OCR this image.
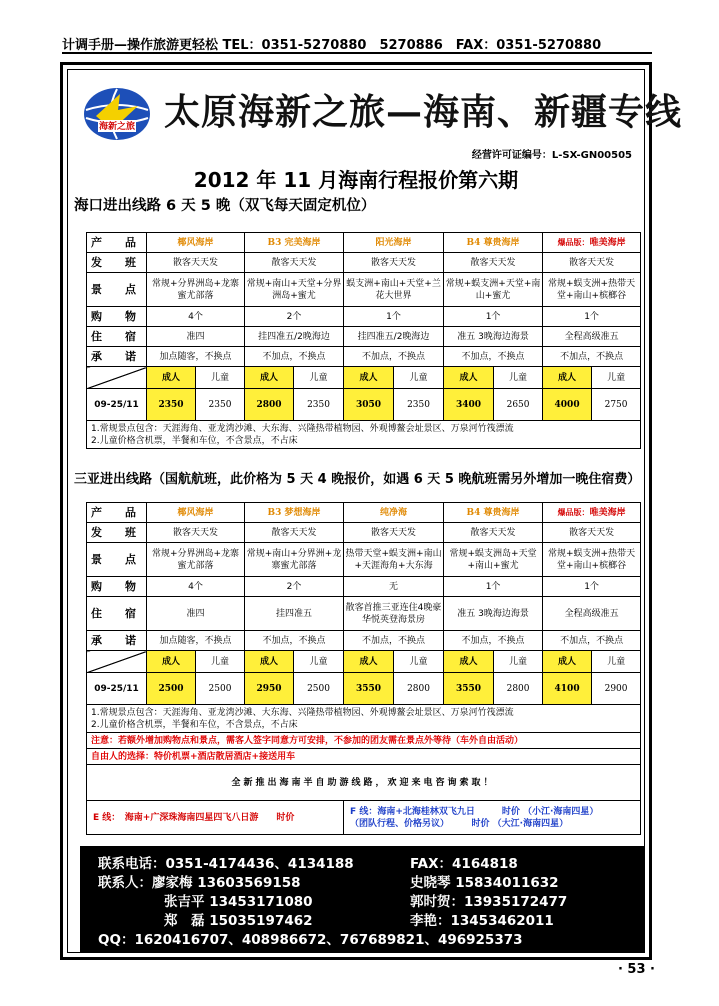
计调手册—操作旅游更轻松 TEL：0351-5270880　5270886　FAX：0351-5270880
海新之旅 太原海新之旅—海南、新疆专线
经营许可证编号：L-SX-GN00505
2012 年 11 月海南行程报价第六期
海口进出线路 6 天 5 晚（双飞每天固定机位）
产　品	椰风海岸		B3 完美海岸		阳光海岸		B4 尊贵海岸		爆品版：唯美海岸	
发　班	散客天天发		散客天天发		散客天天发		散客天天发		散客天天发	
景　点	常规+分界洲岛+龙寨蜜尤部落		常规+南山+天堂+分界洲岛+蜜尤		蜈支洲+南山+天堂+兰花大世界		常规+蜈支洲+天堂+南山+蜜尤		常规+蜈支洲+热带天堂+南山+槟榔谷	
购　物	4个		2个		1个		1个		1个	
住　宿	准四		挂四准五/2晚海边		挂四准五/2晚海边		准五 3晚海边海景		全程高级准五	
承　诺	加点随客，不换点		不加点，不换点		不加点，不换点		不加点，不换点		不加点，不换点	
	成人	儿童	成人	儿童	成人	儿童	成人	儿童	成人	儿童
09-25/11	2350	2350	2800	2350	3050	2350	3400	2650	4000	2750

1.常规景点包含：天涯海角、亚龙湾沙滩、大东海、兴隆热带植物园、外观博鳌会址景区、万泉河竹筏漂流
2.儿童价格含机票，半餐和车位，不含景点，不占床										
三亚进出线路（国航航班，此价格为 5 天 4 晚报价，如遇 6 天 5 晚航班需另外增加一晚住宿费）
产　品	椰风海岸		B3 梦想海岸		纯净海		B4 尊贵海岸		爆品版：唯美海岸	
发　班	散客天天发		散客天天发		散客天天发		散客天天发		散客天天发	
景　点	常规+分界洲岛+龙寨蜜尤部落		常规+南山+分界洲+龙寨蜜尤部落		热带天堂+蜈支洲+南山+天涯海角+大东海		常规+蜈支洲岛+天堂+南山+蜜尤		常规+蜈支洲+热带天堂+南山+槟榔谷	
购　物	4个		2个		无		1个		1个	
住　宿	准四		挂四准五		散客首推三亚连住4晚豪华悦英登海景房		准五 3晚海边海景		全程高级准五	
承　诺	加点随客，不换点		不加点，不换点		不加点，不换点		不加点，不换点		不加点，不换点	
	成人	儿童	成人	儿童	成人	儿童	成人	儿童	成人	儿童
09-25/11	2500	2500	2950	2500	3550	2800	3550	2800	4100	2900

1.常规景点包含：天涯海角、亚龙湾沙滩、大东海、兴隆热带植物园、外观博鳌会址景区、万泉河竹筏漂流
2.儿童价格含机票，半餐和车位，不含景点，不占床										

注意：若额外增加购物点和景点，需客人签字同意方可安排，不参加的团友需在景点外等待（车外自由活动）										
自由人的选择：特价机票+酒店散居酒店+接送用车										
全新推出海南半自助游线路，欢迎来电咨询索取！										
E 线：　海南+广深珠海南四星四飞八日游　　时价					F 线：海南+北海桂林双飞九日　　　时价 （小江·海南四星）
（团队行程、价格另议）　　　时价 （大江·海南四星）					
联系电话：0351-4174436、4134188	FAX：4164818
联系人：廖家梅 13603569158	史晓琴 15834011632
张吉平 13453171080	郭时贺：13935172477
郑　磊 15035197462	李艳：13453462011
QQ：1620416707、408986672、767689821、496925373
· 53 ·
